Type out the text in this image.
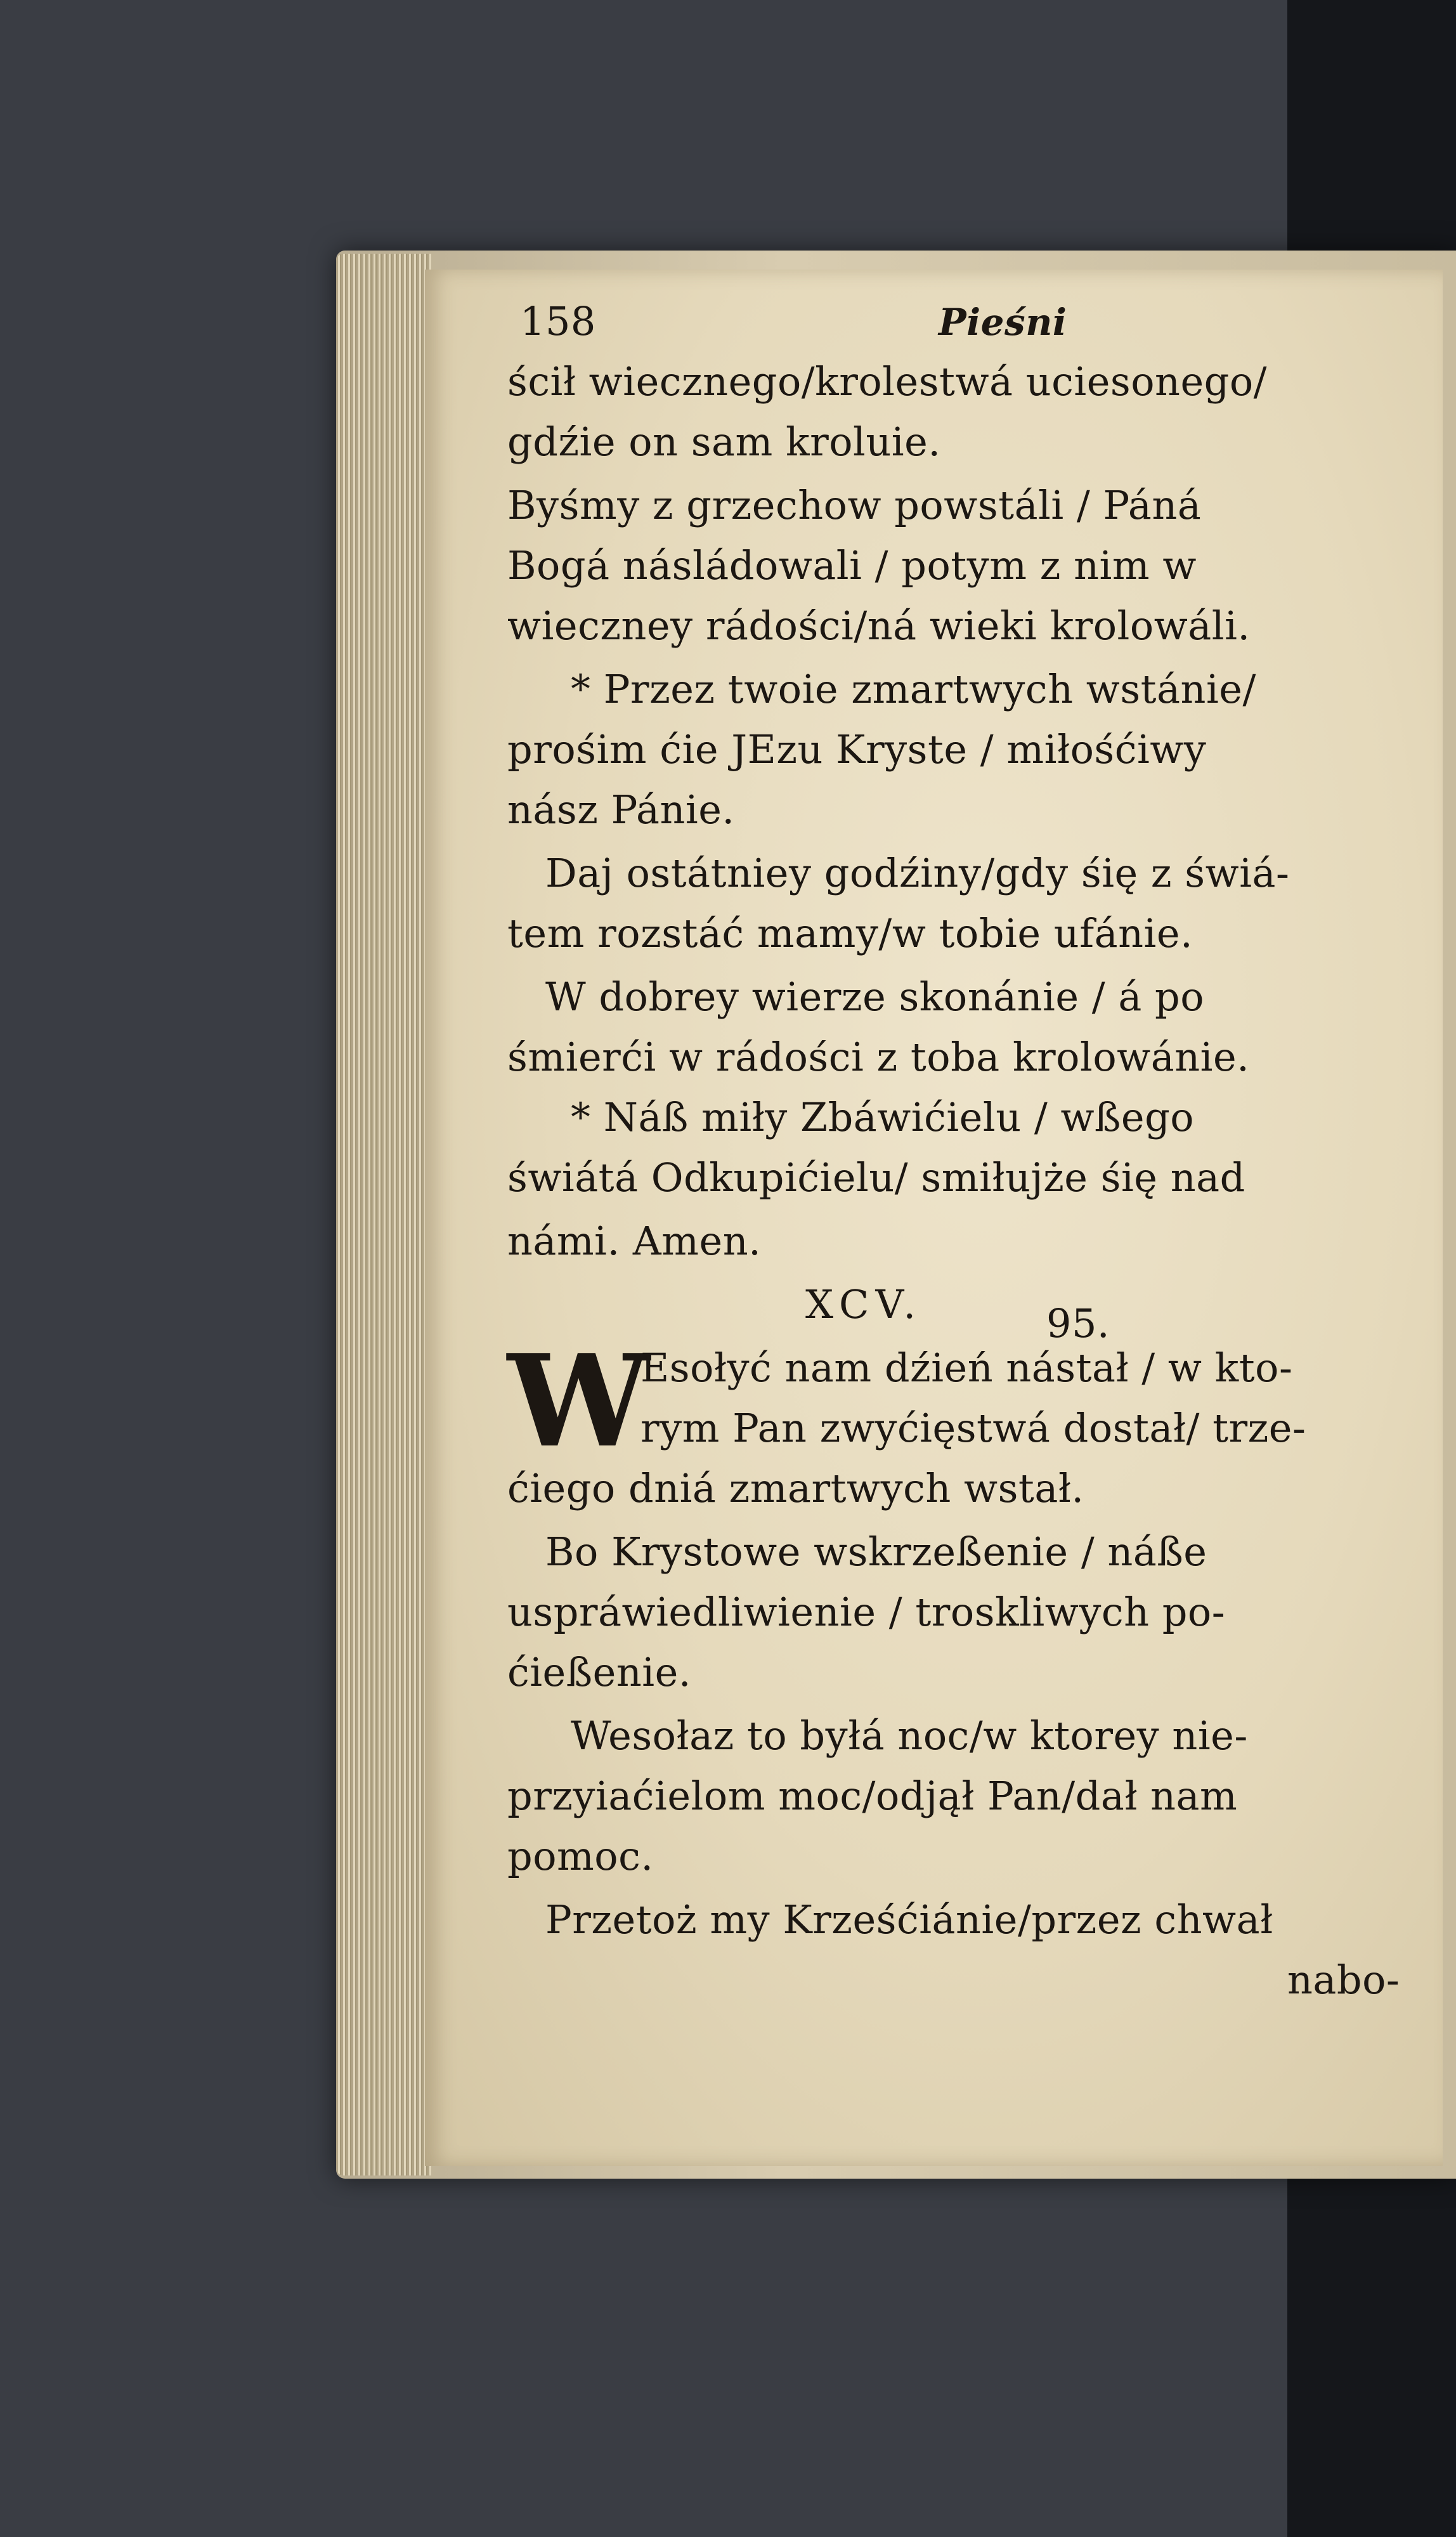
158	Pieśni
ścił wiecznego/krolestwá uciesonego/
gdźie on sam kroluie.
Byśmy z grzechow powstáli / Páná
Bogá násládowali / potym z nim w
wieczney rádości/ná wieki krolowáli.
* Przez twoie zmartwych wstánie/
prośim ćie JEzu Kryste / miłośćiwy
nász Pánie.
Daj ostátniey godźiny/gdy śię z świá-
tem rozstáć mamy/w tobie ufánie.
W dobrey wierze skonánie / á po
śmierći w rádości z toba krolowánie.
* Náß miły Zbáwićielu / wßego
świátá Odkupićielu/ smiłujże śię nad
námi. Amen.
XCV.	95.
W
Esołyć nam dźień nástał / w kto-
rym Pan zwyćięstwá dostał/ trze-
ćiego dniá zmartwych wstał.
Bo Krystowe wskrzeßenie / náße
uspráwiedliwienie / troskliwych po-
ćießenie.
Wesołaz to byłá noc/w ktorey nie-
przyiaćielom moc/odjął Pan/dał nam
pomoc.
Przetoż my Krześćiánie/przez chwał
nabo-
